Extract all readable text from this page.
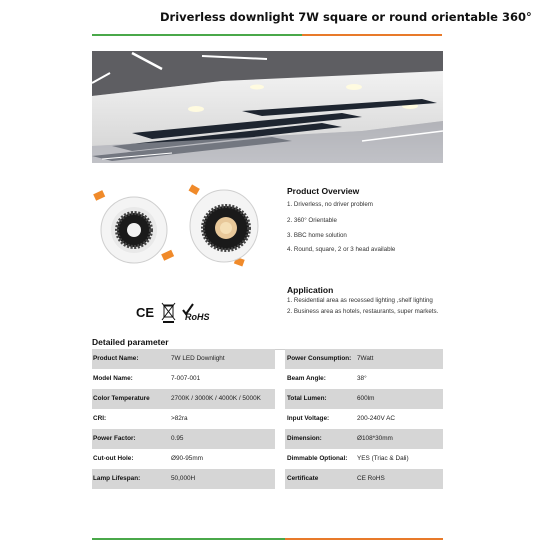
Driverless downlight 7W square or round orientable 360°
CE	RoHS
Product Overview
1. Driverless, no driver problem
2. 360° Orientable
3. BBC home solution
4. Round, square, 2 or 3 head available
Application
1. Residential area as recessed lighting ,shelf lighting
2. Business area as hotels, restaurants, super markets.
Detailed parameter
Product Name:	7W LED Downlight	Power Consumption: 7Watt
Model Name:	7-007-001	Beam Angle:	38°
Color Temperature	2700K / 3000K / 4000K / 5000K	Total Lumen:	600lm
CRI:	>82ra	Input Voltage:	200-240V AC
Power Factor:	0.95	Dimension:	Ø108*30mm
Cut-out Hole:	Ø90-95mm	Dimmable Optional: YES (Triac & Dali)
Lamp Lifespan:	50,000H	Certificate	CE RoHS
